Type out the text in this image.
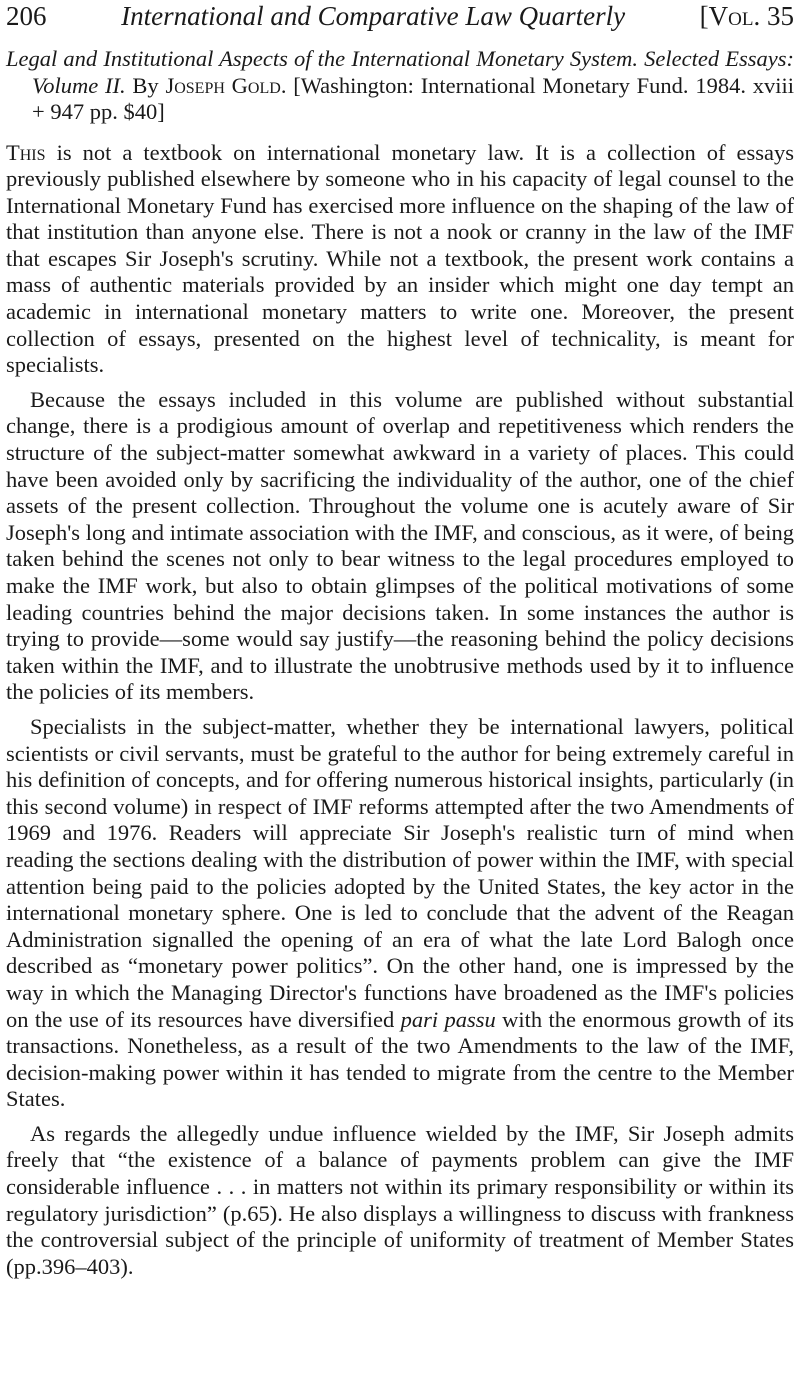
206	International and Comparative Law Quarterly	[Vol. 35
Legal and Institutional Aspects of the International Monetary System. Selected Essays: Volume II. By Joseph Gold. [Washington: International Monetary Fund. 1984. xviii + 947 pp. $40]

This is not a textbook on international monetary law. It is a collection of essays previously published elsewhere by someone who in his capacity of legal counsel to the International Monetary Fund has exercised more influence on the shaping of the law of that institution than anyone else. There is not a nook or cranny in the law of the IMF that escapes Sir Joseph's scrutiny. While not a textbook, the present work contains a mass of authentic materials provided by an insider which might one day tempt an academic in international monetary matters to write one. Moreover, the present collection of essays, presented on the highest level of technicality, is meant for specialists.

Because the essays included in this volume are published without substantial change, there is a prodigious amount of overlap and repetitiveness which renders the structure of the subject-matter somewhat awkward in a variety of places. This could have been avoided only by sacrificing the individuality of the author, one of the chief assets of the present collection. Throughout the volume one is acutely aware of Sir Joseph's long and intimate association with the IMF, and conscious, as it were, of being taken behind the scenes not only to bear witness to the legal procedures employed to make the IMF work, but also to obtain glimpses of the political motivations of some leading countries behind the major decisions taken. In some instances the author is trying to provide—some would say justify—the reasoning behind the policy decisions taken within the IMF, and to illustrate the unobtrusive methods used by it to influence the policies of its members.

Specialists in the subject-matter, whether they be international lawyers, political scientists or civil servants, must be grateful to the author for being extremely careful in his definition of concepts, and for offering numerous historical insights, particularly (in this second volume) in respect of IMF reforms attempted after the two Amendments of 1969 and 1976. Readers will appreciate Sir Joseph's realistic turn of mind when reading the sections dealing with the distribution of power within the IMF, with special attention being paid to the policies adopted by the United States, the key actor in the international monetary sphere. One is led to conclude that the advent of the Reagan Administration signalled the opening of an era of what the late Lord Balogh once described as “monetary power politics”. On the other hand, one is impressed by the way in which the Managing Director's functions have broadened as the IMF's policies on the use of its resources have diversified pari passu with the enormous growth of its transactions. Nonetheless, as a result of the two Amendments to the law of the IMF, decision-making power within it has tended to migrate from the centre to the Member States.

As regards the allegedly undue influence wielded by the IMF, Sir Joseph admits freely that “the existence of a balance of payments problem can give the IMF considerable influence . . . in matters not within its primary responsibility or within its regulatory jurisdiction” (p.65). He also displays a willingness to discuss with frankness the controversial subject of the principle of uniformity of treatment of Member States (pp.396–403).
